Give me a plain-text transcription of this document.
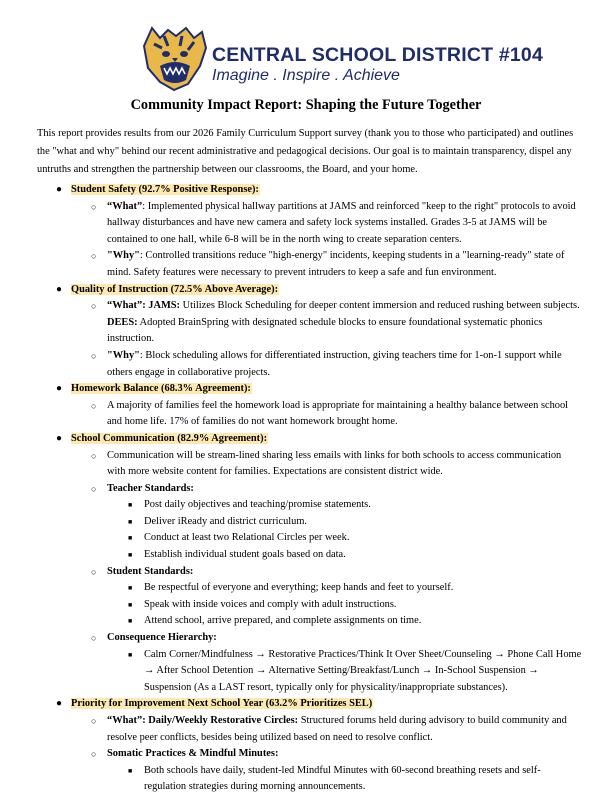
CENTRAL SCHOOL DISTRICT #104
Imagine . Inspire . Achieve
Community Impact Report: Shaping the Future Together
This report provides results from our 2026 Family Curriculum Support survey (thank you to those who participated) and outlines the "what and why" behind our recent administrative and pedagogical decisions. Our goal is to maintain transparency, dispel any untruths and strengthen the partnership between our classrooms, the Board, and your home.
● Student Safety (92.7% Positive Response):
○ “What”: Implemented physical hallway partitions at JAMS and reinforced "keep to the right" protocols to avoid hallway disturbances and have new camera and safety lock systems installed. Grades 3-5 at JAMS will be contained to one hall, while 6-8 will be in the north wing to create separation centers.
○ "Why": Controlled transitions reduce "high-energy" incidents, keeping students in a "learning-ready" state of mind. Safety features were necessary to prevent intruders to keep a safe and fun environment.
● Quality of Instruction (72.5% Above Average):
○ “What”: JAMS: Utilizes Block Scheduling for deeper content immersion and reduced rushing between subjects. DEES: Adopted BrainSpring with designated schedule blocks to ensure foundational systematic phonics instruction.
○ "Why": Block scheduling allows for differentiated instruction, giving teachers time for 1-on-1 support while others engage in collaborative projects.
● Homework Balance (68.3% Agreement):
○ A majority of families feel the homework load is appropriate for maintaining a healthy balance between school and home life. 17% of families do not want homework brought home.
● School Communication (82.9% Agreement):
○ Communication will be stream-lined sharing less emails with links for both schools to access communication with more website content for families. Expectations are consistent district wide.
○ Teacher Standards:
■ Post daily objectives and teaching/promise statements.
■ Deliver iReady and district curriculum.
■ Conduct at least two Relational Circles per week.
■ Establish individual student goals based on data.
○ Student Standards:
■ Be respectful of everyone and everything; keep hands and feet to yourself.
■ Speak with inside voices and comply with adult instructions.
■ Attend school, arrive prepared, and complete assignments on time.
○ Consequence Hierarchy:
■ Calm Corner/Mindfulness → Restorative Practices/Think It Over Sheet/Counseling → Phone Call Home → After School Detention → Alternative Setting/Breakfast/Lunch → In-School Suspension → Suspension (As a LAST resort, typically only for physicality/inappropriate substances).
● Priority for Improvement Next School Year (63.2% Prioritizes SEL)
○ “What”: Daily/Weekly Restorative Circles: Structured forums held during advisory to build community and resolve peer conflicts, besides being utilized based on need to resolve conflict.
○ Somatic Practices & Mindful Minutes:
■ Both schools have daily, student-led Mindful Minutes with 60-second breathing resets and self-regulation strategies during morning announcements.
